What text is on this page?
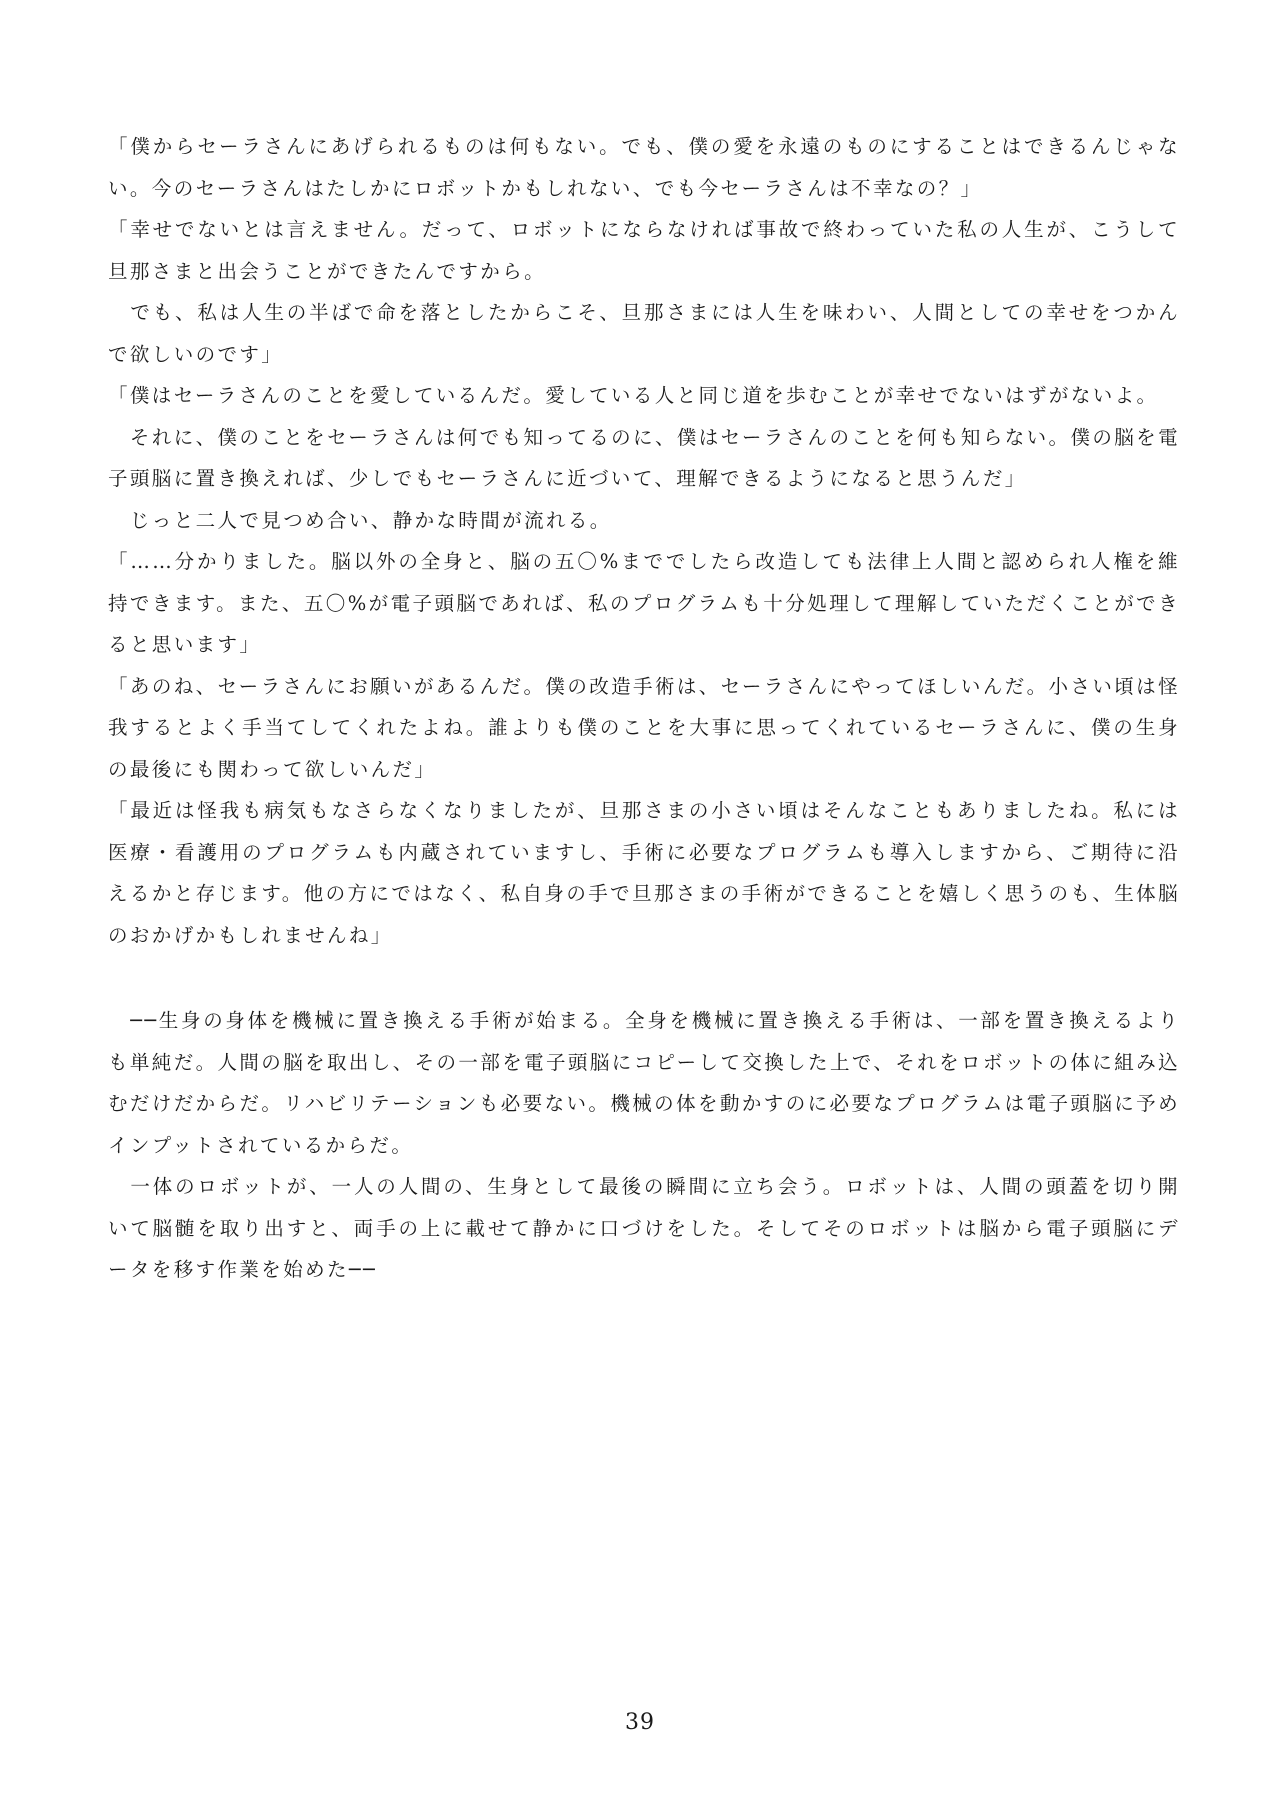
「僕からセーラさんにあげられるものは何もない。でも、僕の愛を永遠のものにすることはできるんじゃない。今のセーラさんはたしかにロボットかもしれない、でも今セーラさんは不幸なの？」

「幸せでないとは言えません。だって、ロボットにならなければ事故で終わっていた私の人生が、こうして旦那さまと出会うことができたんですから。

　でも、私は人生の半ばで命を落としたからこそ、旦那さまには人生を味わい、人間としての幸せをつかんで欲しいのです」

「僕はセーラさんのことを愛しているんだ。愛している人と同じ道を歩むことが幸せでないはずがないよ。

　それに、僕のことをセーラさんは何でも知ってるのに、僕はセーラさんのことを何も知らない。僕の脳を電子頭脳に置き換えれば、少しでもセーラさんに近づいて、理解できるようになると思うんだ」

　じっと二人で見つめ合い、静かな時間が流れる。

「……分かりました。脳以外の全身と、脳の五〇%まででしたら改造しても法律上人間と認められ人権を維持できます。また、五〇%が電子頭脳であれば、私のプログラムも十分処理して理解していただくことができると思います」

「あのね、セーラさんにお願いがあるんだ。僕の改造手術は、セーラさんにやってほしいんだ。小さい頃は怪我するとよく手当てしてくれたよね。誰よりも僕のことを大事に思ってくれているセーラさんに、僕の生身の最後にも関わって欲しいんだ」

「最近は怪我も病気もなさらなくなりましたが、旦那さまの小さい頃はそんなこともありましたね。私には医療・看護用のプログラムも内蔵されていますし、手術に必要なプログラムも導入しますから、ご期待に沿えるかと存じます。他の方にではなく、私自身の手で旦那さまの手術ができることを嬉しく思うのも、生体脳のおかげかもしれませんね」

　──生身の身体を機械に置き換える手術が始まる。全身を機械に置き換える手術は、一部を置き換えるよりも単純だ。人間の脳を取出し、その一部を電子頭脳にコピーして交換した上で、それをロボットの体に組み込むだけだからだ。リハビリテーションも必要ない。機械の体を動かすのに必要なプログラムは電子頭脳に予めインプットされているからだ。

　一体のロボットが、一人の人間の、生身として最後の瞬間に立ち会う。ロボットは、人間の頭蓋を切り開いて脳髄を取り出すと、両手の上に載せて静かに口づけをした。そしてそのロボットは脳から電子頭脳にデータを移す作業を始めた──

39
